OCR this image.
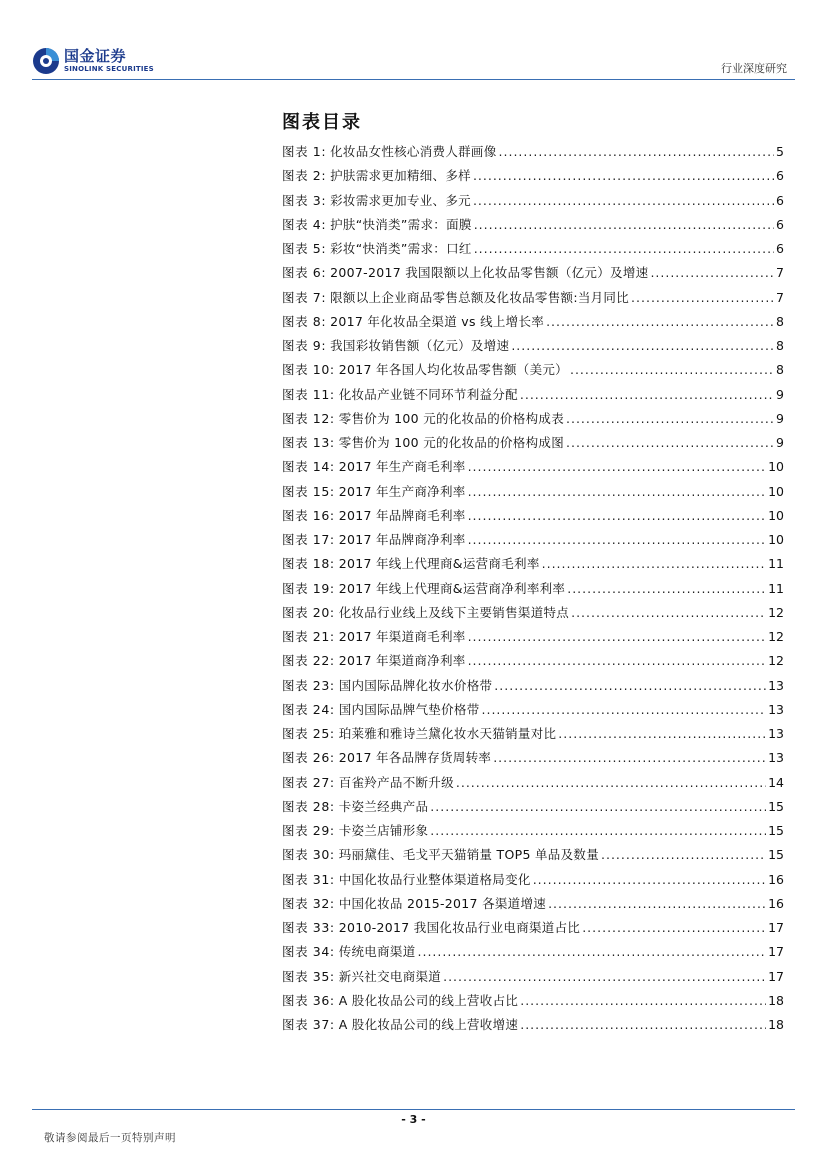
国金证券
SINOLINK SECURITIES	行业深度研究
图表目录
图表 1:
化妆品女性核心消费人群画像 .....	5
图表 2:
护肤需求更加精细、多样 .....	6
图表 3:
彩妆需求更加专业、多元 .....	6
图表 4:
护肤“快消类”需求：面膜 .....	6
图表 5:
彩妆“快消类”需求：口红 .....	6
图表 6:
2007-2017 我国限额以上化妆品零售额（亿元）及增速 .....	7
图表 7:
限额以上企业商品零售总额及化妆品零售额:当月同比 .....	7
图表 8:
2017 年化妆品全渠道 vs 线上增长率 .....	8
图表 9:
我国彩妆销售额（亿元）及增速 .....	8
图表 10:
2017 年各国人均化妆品零售额（美元） .....	8
图表 11:
化妆品产业链不同环节利益分配 .....	9
图表 12:
零售价为 100 元的化妆品的价格构成表 .....	9
图表 13:
零售价为 100 元的化妆品的价格构成图 .....	9
图表 14:
2017 年生产商毛利率 .....	10
图表 15:
2017 年生产商净利率 .....	10
图表 16:
2017 年品牌商毛利率 .....	10
图表 17:
2017 年品牌商净利率 .....	10
图表 18:
2017 年线上代理商&运营商毛利率 .....	11
图表 19:
2017 年线上代理商&运营商净利率利率 .....	11
图表 20:
化妆品行业线上及线下主要销售渠道特点 .....	12
图表 21:
2017 年渠道商毛利率 .....	12
图表 22:
2017 年渠道商净利率 .....	12
图表 23:
国内国际品牌化妆水价格带 .....	13
图表 24:
国内国际品牌气垫价格带 .....	13
图表 25:
珀莱雅和雅诗兰黛化妆水天猫销量对比 .....	13
图表 26:
2017 年各品牌存货周转率 .....	13
图表 27:
百雀羚产品不断升级 .....	14
图表 28:
卡姿兰经典产品 .....	15
图表 29:
卡姿兰店铺形象 .....	15
图表 30:
玛丽黛佳、毛戈平天猫销量 TOP5 单品及数量 .....	15
图表 31:
中国化妆品行业整体渠道格局变化 .....	16
图表 32:
中国化妆品 2015-2017 各渠道增速 .....	16
图表 33:
2010-2017 我国化妆品行业电商渠道占比 .....	17
图表 34:
传统电商渠道 .....	17
图表 35:
新兴社交电商渠道 .....	17
图表 36:
A 股化妆品公司的线上营收占比 .....	18
图表 37:
A 股化妆品公司的线上营收增速 .....	18
- 3 -
敬请参阅最后一页特别声明
